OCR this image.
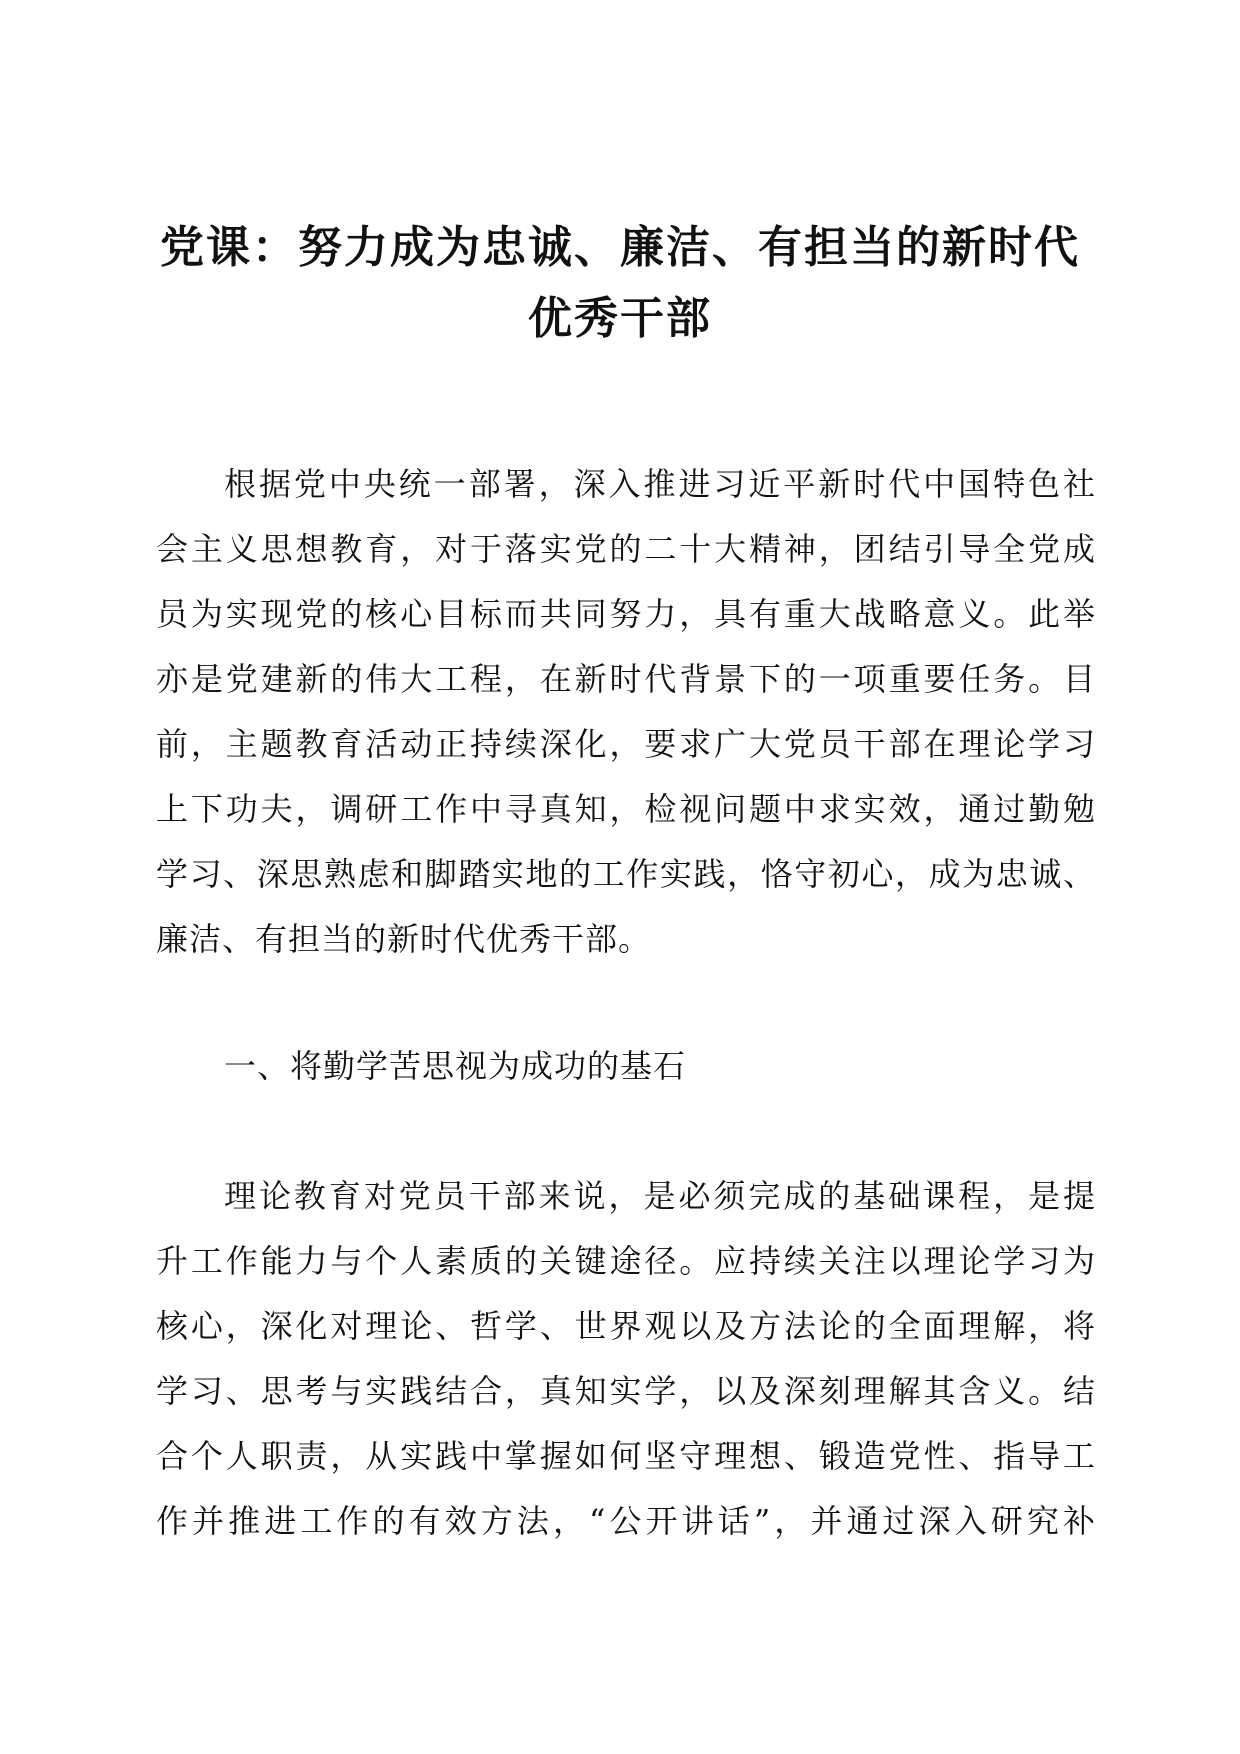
党课：努力成为忠诚、廉洁、有担当的新时代
优秀干部
根据党中央统一部署，深入推进习近平新时代中国特色社
会主义思想教育，对于落实党的二十大精神，团结引导全党成
员为实现党的核心目标而共同努力，具有重大战略意义。此举
亦是党建新的伟大工程，在新时代背景下的一项重要任务。目
前，主题教育活动正持续深化，要求广大党员干部在理论学习
上下功夫，调研工作中寻真知，检视问题中求实效，通过勤勉
学习、深思熟虑和脚踏实地的工作实践，恪守初心，成为忠诚、
廉洁、有担当的新时代优秀干部。
一、将勤学苦思视为成功的基石
理论教育对党员干部来说，是必须完成的基础课程，是提
升工作能力与个人素质的关键途径。应持续关注以理论学习为
核心，深化对理论、哲学、世界观以及方法论的全面理解，将
学习、思考与实践结合，真知实学，以及深刻理解其含义。结
合个人职责，从实践中掌握如何坚守理想、锻造党性、指导工
作并推进工作的有效方法，“公开讲话”，并通过深入研究补
